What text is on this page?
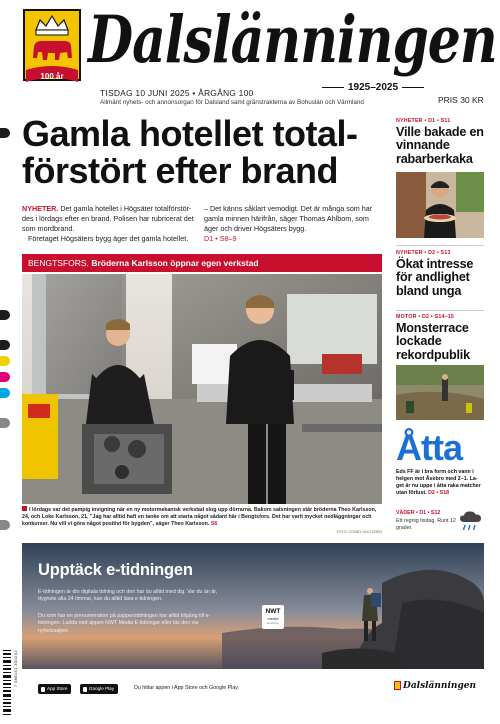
100 år Dalslänningen
1925–2025
TISDAG 10 JUNI 2025 • ÅRGÅNG 100
Allmänt nyhets- och annonsorgan för Dalsland samt gränstrakterna av Bohuslän och Värmland	PRIS 30 KR
Gamla hotellet total-förstört efter brand
NYHETER. Det gamla hotellet i Högsäter totalförstör-des i lördags efter en brand. Polisen har rubricerat det som mordbrand.
Företaget Högsäters bygg äger det gamla hotellet.
– Det känns såklart vemodigt. Det är många som har gamla minnen härifrån, säger Thomas Ahlbom, som äger och driver Högsäters bygg.
D1 • S8–9
BENGTSFORS. Bröderna Karlsson öppnar egen verkstad
I lördags var det pampig invigning när en ny motormekanisk verkstad slog upp dörrarna. Bakom satsningen står bröderna Theo Karlsson, 24, och Loke Karlsson, 21. "Jag har alltid haft en tanke om att starta något sådant här i Bengtsfors. Det har varit mycket nedläggningar och konkurser. Nu vill vi göra något positivt för bygden", säger Theo Karlsson. S6
FOTO: CONNY HULTGREN
NYHETER • D1 • S11
Ville bakade en vinnande rabarberkaka
NYHETER • D2 • S13
Ökat intresse för andlighet bland unga
MOTOR • D2 • S14–15
Monsterrace lockade rekordpublik
Åtta
Eds FF är i bra form och vann i helgen mot Åsebro med 2–1. La-get är nu uppe i åtta raka matcher utan förlust. D2 • S18
VÄDER • D1 • S12
Ett regnig tisdag. Runt 12 grader.
Upptäck e-tidningen
E-tidningen är din digitala tidning och den har du alltid med dig. Var du än är, dygnets alla 24 timmar, kan du alltid läsa e-tidningen.
Du som har en prenumeration på papperstidningen har alltid tillgång till e-tidningen. Ladda ned appen NWT Media E-tidningar eller läs den via nyhetssajten.
NWT
media
E-tidning
App Store	Google Play	Du hittar appen i App Store och Google Play.	Dalslänningen
7 388151 300202
